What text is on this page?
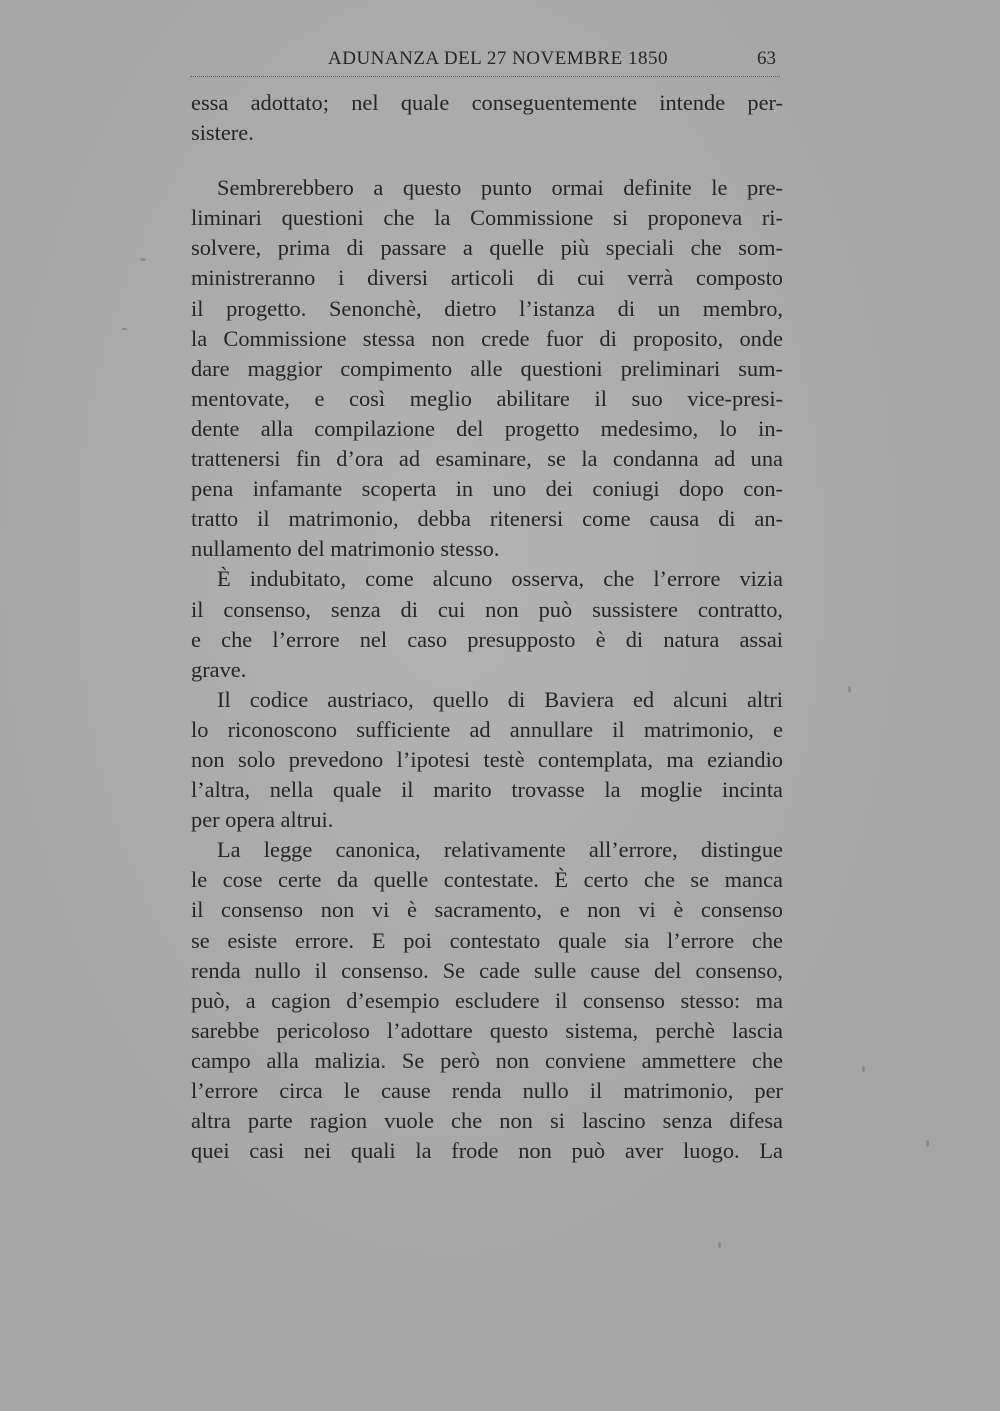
ADUNANZA DEL 27 NOVEMBRE 1850	63
essa adottato; nel quale conseguentemente intende per-
sistere.
Sembrerebbero a questo punto ormai definite le pre-
liminari questioni che la Commissione si proponeva ri-
solvere, prima di passare a quelle più speciali che som-
ministreranno i diversi articoli di cui verrà composto
il progetto. Senonchè, dietro l’istanza di un membro,
la Commissione stessa non crede fuor di proposito, onde
dare maggior compimento alle questioni preliminari sum-
mentovate, e così meglio abilitare il suo vice-presi-
dente alla compilazione del progetto medesimo, lo in-
trattenersi fin d’ora ad esaminare, se la condanna ad una
pena infamante scoperta in uno dei coniugi dopo con-
tratto il matrimonio, debba ritenersi come causa di an-
nullamento del matrimonio stesso.
È indubitato, come alcuno osserva, che l’errore vizia
il consenso, senza di cui non può sussistere contratto,
e che l’errore nel caso presupposto è di natura assai
grave.
Il codice austriaco, quello di Baviera ed alcuni altri
lo riconoscono sufficiente ad annullare il matrimonio, e
non solo prevedono l’ipotesi testè contemplata, ma eziandio
l’altra, nella quale il marito trovasse la moglie incinta
per opera altrui.
La legge canonica, relativamente all’errore, distingue
le cose certe da quelle contestate. È certo che se manca
il consenso non vi è sacramento, e non vi è consenso
se esiste errore. E poi contestato quale sia l’errore che
renda nullo il consenso. Se cade sulle cause del consenso,
può, a cagion d’esempio escludere il consenso stesso: ma
sarebbe pericoloso l’adottare questo sistema, perchè lascia
campo alla malizia. Se però non conviene ammettere che
l’errore circa le cause renda nullo il matrimonio, per
altra parte ragion vuole che non si lascino senza difesa
quei casi nei quali la frode non può aver luogo. La
